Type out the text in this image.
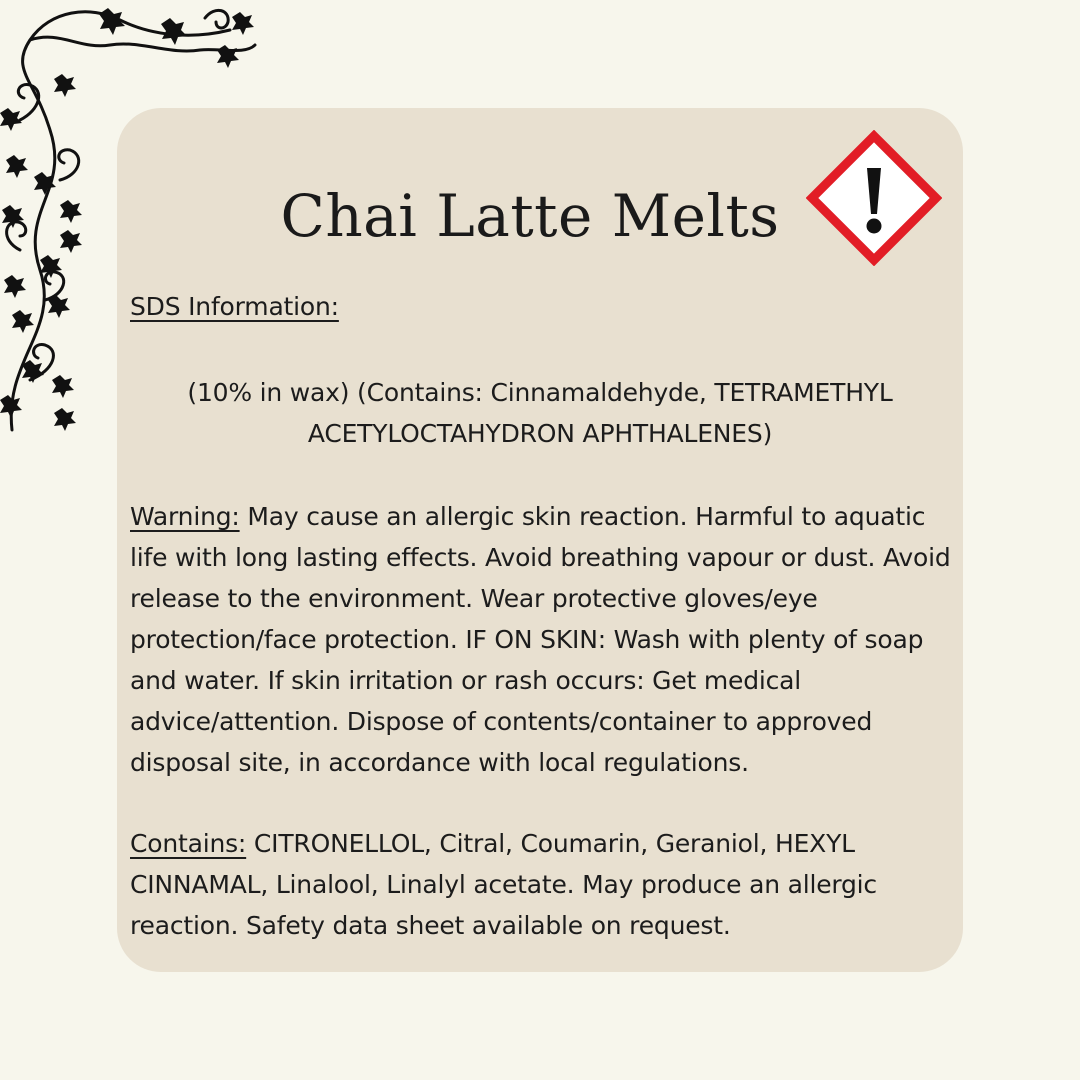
Chai Latte Melts
SDS Information:
(10% in wax) (Contains: Cinnamaldehyde, TETRAMETHYL
ACETYLOCTAHYDRON APHTHALENES)
Warning: May cause an allergic skin reaction. Harmful to aquatic life with long lasting effects. Avoid breathing vapour or dust. Avoid release to the environment. Wear protective gloves/eye protection/face protection. IF ON SKIN: Wash with plenty of soap and water. If skin irritation or rash occurs: Get medical advice/attention. Dispose of contents/container to approved disposal site, in accordance with local regulations.
Contains: CITRONELLOL, Citral, Coumarin, Geraniol, HEXYL CINNAMAL, Linalool, Linalyl acetate. May produce an allergic reaction. Safety data sheet available on request.
